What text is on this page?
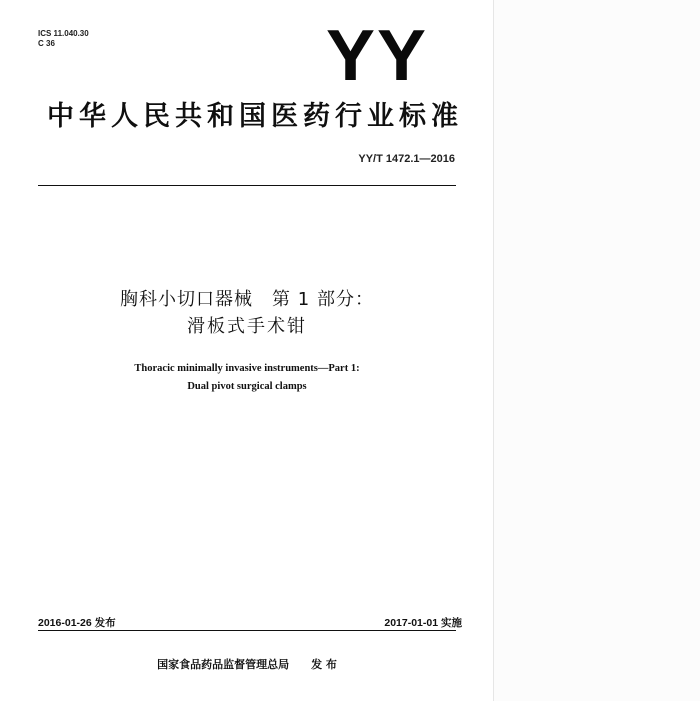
ICS 11.040.30
C 36	YY
中华人民共和国医药行业标准
YY/T 1472.1—2016
胸科小切口器械　第 1 部分：
滑板式手术钳
Thoracic minimally invasive instruments—Part 1:
Dual pivot surgical clamps
2016-01-26 发布	2017-01-01 实施
国家食品药品监督管理总局 发 布
